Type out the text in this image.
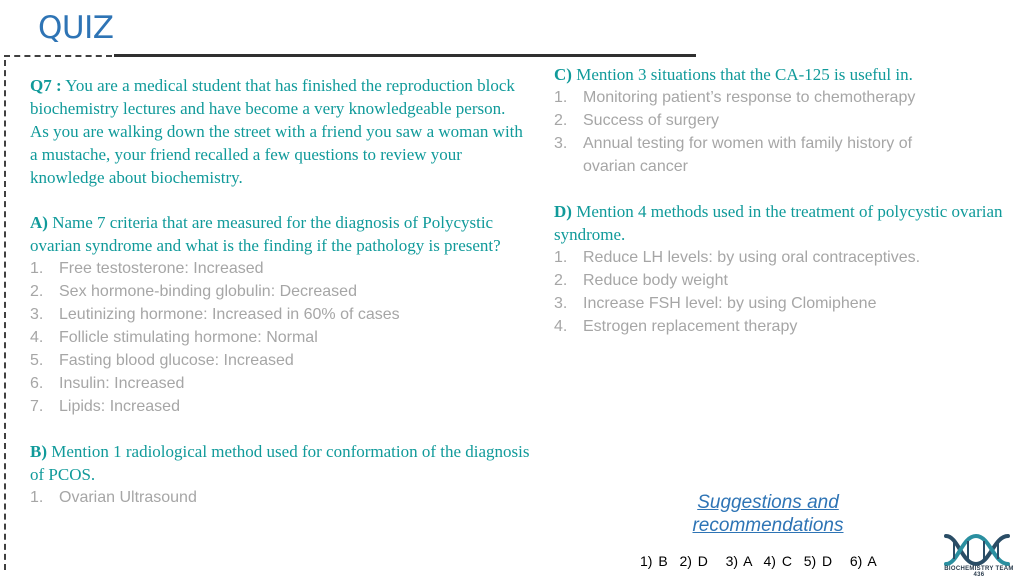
QUIZ
Q7 : You are a medical student that has finished the reproduction block biochemistry lectures and have become a very knowledgeable person.
As you are walking down the street with a friend you saw a woman with a mustache, your friend recalled a few questions to review your knowledge about biochemistry.
A) Name 7 criteria that are measured for the diagnosis of Polycystic ovarian syndrome and what is the finding if the pathology is present?
1. Free testosterone: Increased
2. Sex hormone-binding globulin: Decreased
3. Leutinizing hormone: Increased in 60% of cases
4. Follicle stimulating hormone: Normal
5. Fasting blood glucose: Increased
6. Insulin: Increased
7. Lipids: Increased
B) Mention 1 radiological method used for conformation of the diagnosis of PCOS.
1. Ovarian Ultrasound
C) Mention 3 situations that the CA-125 is useful in.
1. Monitoring patient’s response to chemotherapy
2. Success of surgery
3. Annual testing for women with family history of ovarian cancer
D) Mention 4 methods used in the treatment of polycystic ovarian syndrome.
1. Reduce LH levels: by using oral contraceptives.
2. Reduce body weight
3. Increase FSH level: by using Clomiphene
4. Estrogen replacement therapy
Suggestions and
recommendations
1) B  2) D   3) A  4) C  5) D   6) A	BIOCHEMISTRY TEAM 436
